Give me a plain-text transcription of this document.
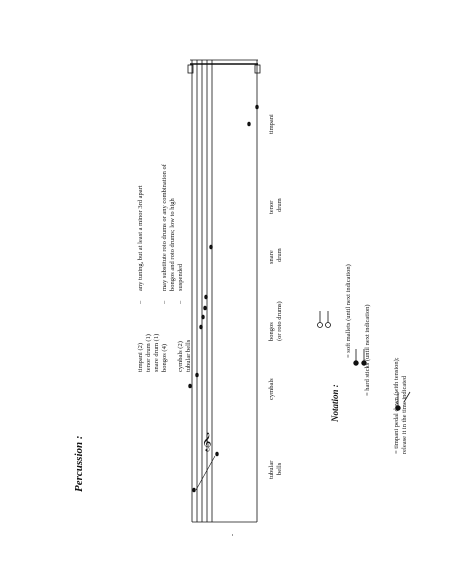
Percussion :
timpani (2) tenor drum (1) snare drum (1) bongos (4) cymbals (2) tubular bells
–	– –
any tuning, but at least a minor 3rd apart	may substitute roto drums or any combination of bongos and roto drums; low to high suspended
𝄞
timpani
tenor drum
snare drum
bongos (or roto drums)
cymbals
tubular bells
Notation :
= soft mallets (until next indication) = hard sticks (until next indication)
= timpani pedal down (with tension); release it in the time indicated
